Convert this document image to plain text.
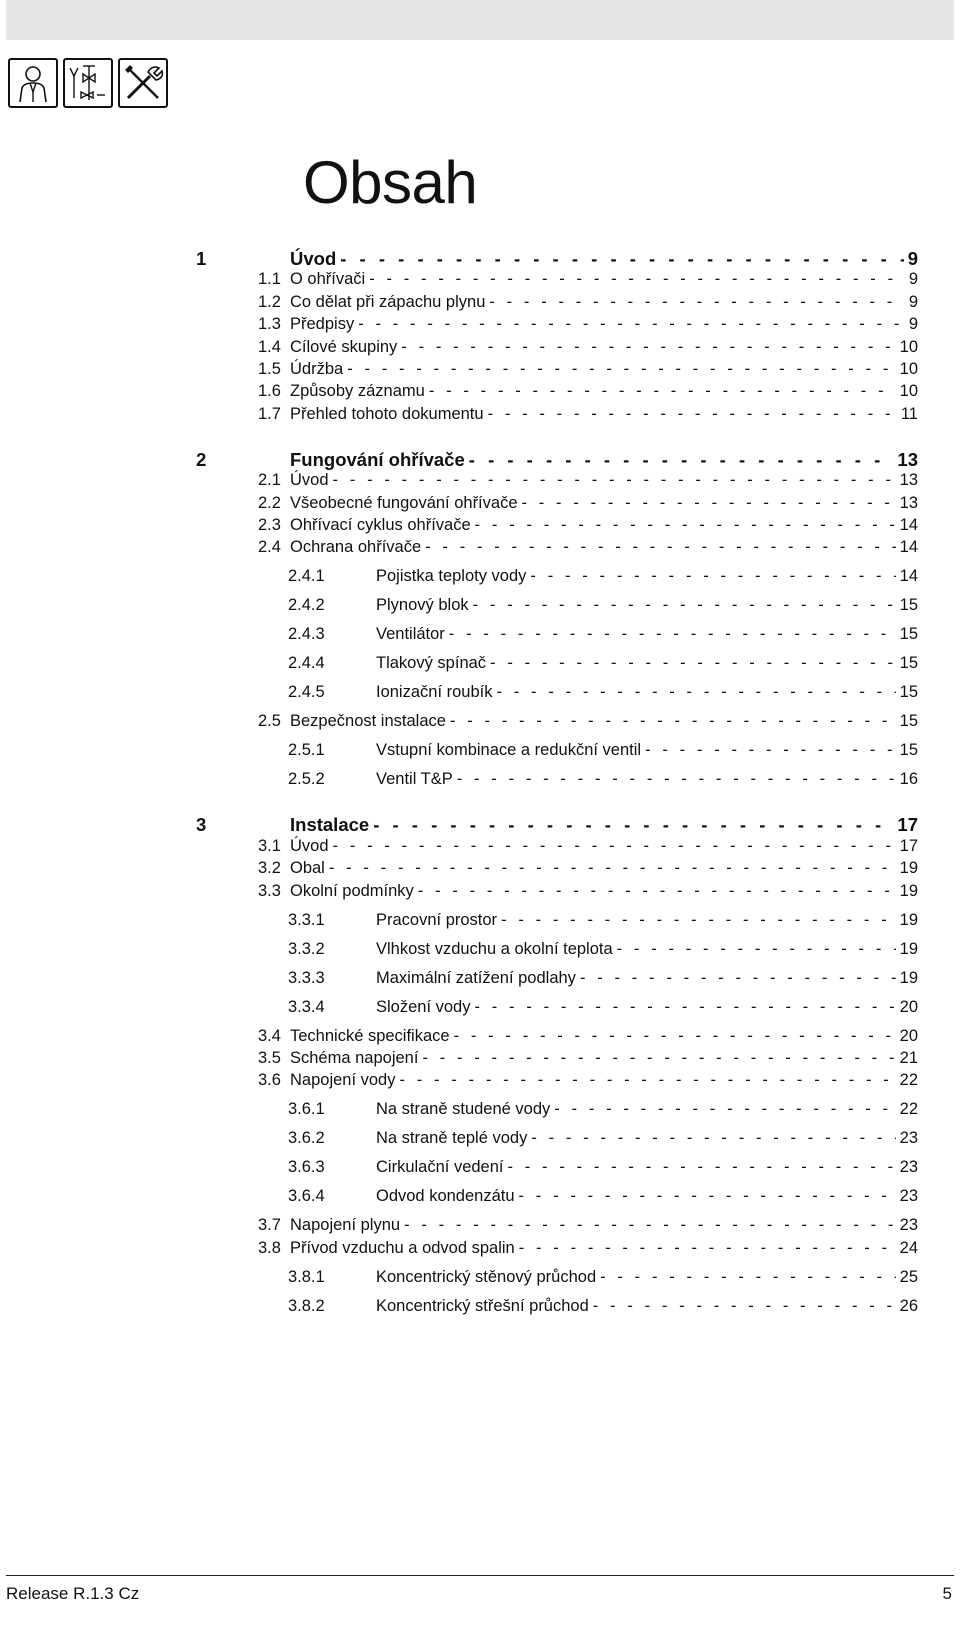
Obsah
1	Úvod - - -	9
1.1 O ohřívači - - -	9
1.2 Co dělat při zápachu plynu - - -	9
1.3 Předpisy - - -	9
1.4 Cílové skupiny - - -	10
1.5 Údržba - - -	10
1.6 Způsoby záznamu - - -	10
1.7 Přehled tohoto dokumentu - - -	11
2	Fungování ohřívače - - -	13
2.1 Úvod - - -	13
2.2 Všeobecné fungování ohřívače - - -	13
2.3 Ohřívací cyklus ohřívače - - -	14
2.4 Ochrana ohřívače - - -	14
2.4.1	Pojistka teploty vody - - -	14
2.4.2	Plynový blok - - -	15
2.4.3	Ventilátor - - -	15
2.4.4	Tlakový spínač - - -	15
2.4.5	Ionizační roubík - - -	15
2.5 Bezpečnost instalace - - -	15
2.5.1	Vstupní kombinace a redukční ventil - - -	15
2.5.2	Ventil T&P - - -	16
3	Instalace - - -	17
3.1 Úvod - - -	17
3.2 Obal - - -	19
3.3 Okolní podmínky - - -	19
3.3.1	Pracovní prostor - - -	19
3.3.2	Vlhkost vzduchu a okolní teplota - - -	19
3.3.3	Maximální zatížení podlahy - - -	19
3.3.4	Složení vody - - -	20
3.4 Technické specifikace - - -	20
3.5 Schéma napojení - - -	21
3.6 Napojení vody - - -	22
3.6.1	Na straně studené vody - - -	22
3.6.2	Na straně teplé vody - - -	23
3.6.3	Cirkulační vedení - - -	23
3.6.4	Odvod kondenzátu - - -	23
3.7 Napojení plynu - - -	23
3.8 Přívod vzduchu a odvod spalin - - -	24
3.8.1	Koncentrický stěnový průchod - - -	25
3.8.2	Koncentrický střešní průchod - - -	26
Release R.1.3 Cz	5
